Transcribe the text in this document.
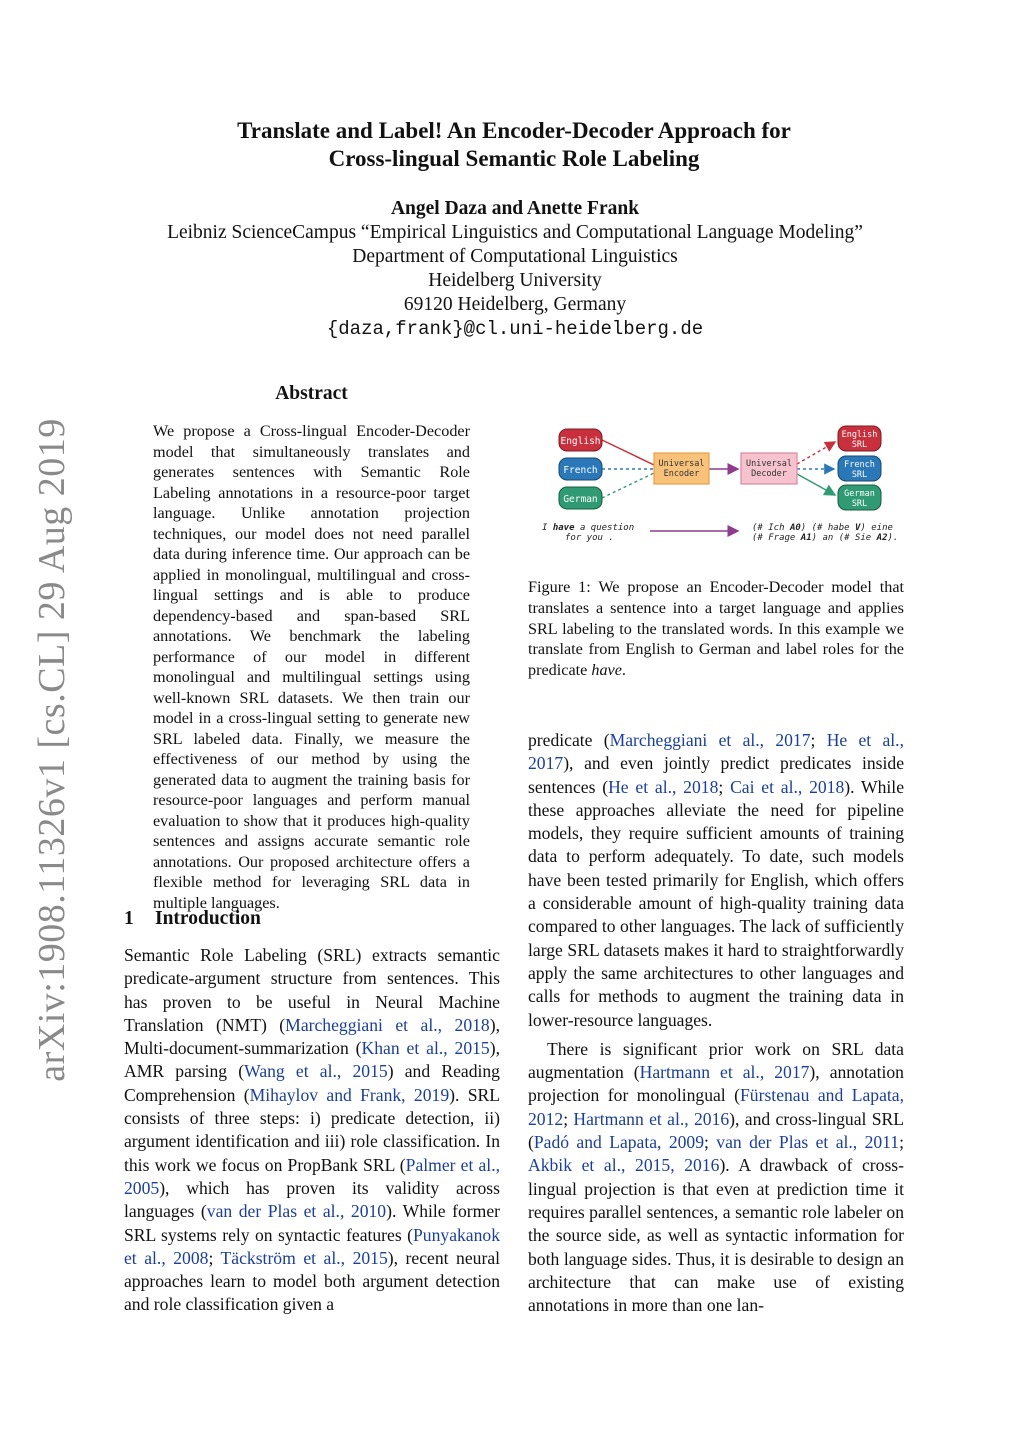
arXiv:1908.11326v1 [cs.CL] 29 Aug 2019
Translate and Label! An Encoder-Decoder Approach for
Cross-lingual Semantic Role Labeling
Angel Daza and Anette Frank
Leibniz ScienceCampus “Empirical Linguistics and Computational Language Modeling”
Department of Computational Linguistics
Heidelberg University
69120 Heidelberg, Germany
{daza,frank}@cl.uni-heidelberg.de
Abstract
We propose a Cross-lingual Encoder-Decoder model that simultaneously translates and generates sentences with Semantic Role Labeling annotations in a resource-poor target language. Unlike annotation projection techniques, our model does not need parallel data during inference time. Our approach can be applied in monolingual, multilingual and cross-lingual settings and is able to produce dependency-based and span-based SRL annotations. We benchmark the labeling performance of our model in different monolingual and multilingual settings using well-known SRL datasets. We then train our model in a cross-lingual setting to generate new SRL labeled data. Finally, we measure the effectiveness of our method by using the generated data to augment the training basis for resource-poor languages and perform manual evaluation to show that it produces high-quality sentences and assigns accurate semantic role annotations. Our proposed architecture offers a flexible method for leveraging SRL data in multiple languages.
1 Introduction

Semantic Role Labeling (SRL) extracts semantic predicate-argument structure from sentences. This has proven to be useful in Neural Machine Translation (NMT) (Marcheggiani et al., 2018), Multi-document-summarization (Khan et al., 2015), AMR parsing (Wang et al., 2015) and Reading Comprehension (Mihaylov and Frank, 2019). SRL consists of three steps: i) predicate detection, ii) argument identification and iii) role classification. In this work we focus on PropBank SRL (Palmer et al., 2005), which has proven its validity across languages (van der Plas et al., 2010). While former SRL systems rely on syntactic features (Punyakanok et al., 2008; Täckström et al., 2015), recent neural approaches learn to model both argument detection and role classification given a

English
French
German
Universal
Encoder
Universal
Decoder
English
SRL
French
SRL
German
SRL
I have a question
for you .
(# Ich A0) (# habe V) eine
(# Frage A1) an (# Sie A2).
Figure 1: We propose an Encoder-Decoder model that translates a sentence into a target language and applies SRL labeling to the translated words. In this example we translate from English to German and label roles for the predicate have.

predicate (Marcheggiani et al., 2017; He et al., 2017), and even jointly predict predicates inside sentences (He et al., 2018; Cai et al., 2018). While these approaches alleviate the need for pipeline models, they require sufficient amounts of training data to perform adequately. To date, such models have been tested primarily for English, which offers a considerable amount of high-quality training data compared to other languages. The lack of sufficiently large SRL datasets makes it hard to straightforwardly apply the same architectures to other languages and calls for methods to augment the training data in lower-resource languages.

There is significant prior work on SRL data augmentation (Hartmann et al., 2017), annotation projection for monolingual (Fürstenau and Lapata, 2012; Hartmann et al., 2016), and cross-lingual SRL (Padó and Lapata, 2009; van der Plas et al., 2011; Akbik et al., 2015, 2016). A drawback of cross-lingual projection is that even at prediction time it requires parallel sentences, a semantic role labeler on the source side, as well as syntactic information for both language sides. Thus, it is desirable to design an architecture that can make use of existing annotations in more than one lan-
